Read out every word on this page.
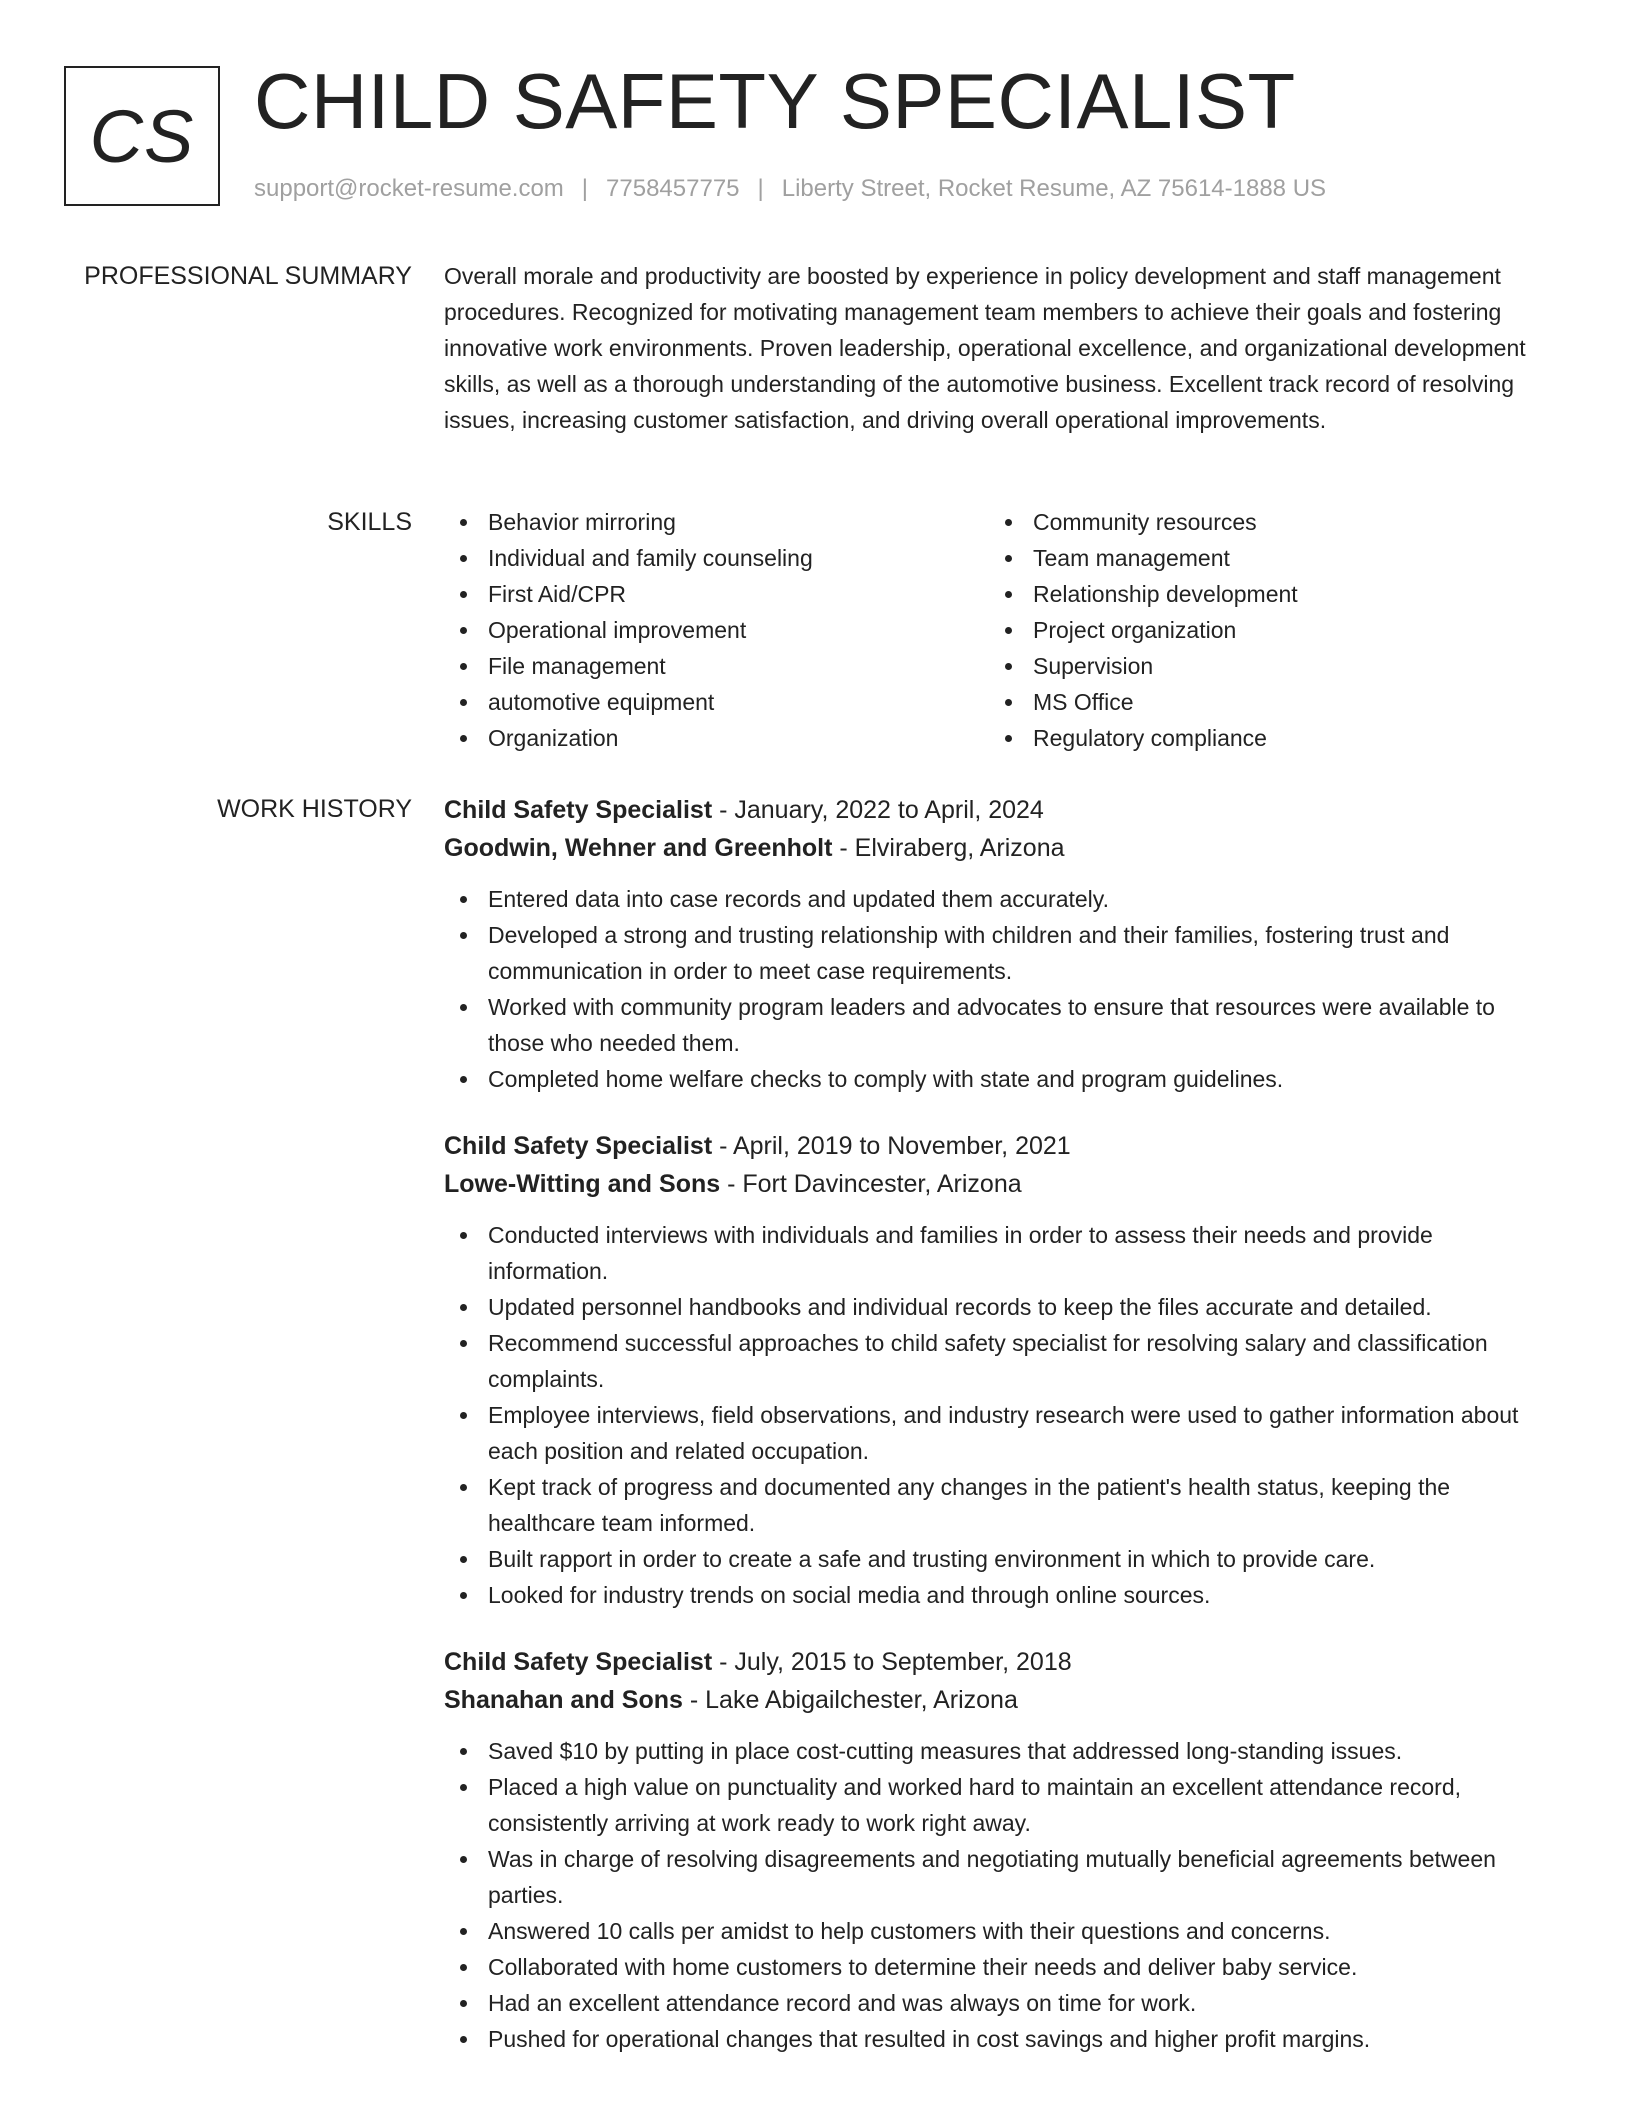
CS CHILD SAFETY SPECIALIST
support@rocket-resume.com | 7758457775 | Liberty Street, Rocket Resume, AZ 75614-1888 US
PROFESSIONAL SUMMARY Overall morale and productivity are boosted by experience in policy development and staff management procedures. Recognized for motivating management team members to achieve their goals and fostering innovative work environments. Proven leadership, operational excellence, and organizational development skills, as well as a thorough understanding of the automotive business. Excellent track record of resolving issues, increasing customer satisfaction, and driving overall operational improvements.

SKILLS	Behavior mirroring
Individual and family counseling
First Aid/CPR
Operational improvement
File management
automotive equipment
Organization
Community resources
Team management
Relationship development
Project organization
Supervision
MS Office
Regulatory compliance
WORK HISTORY Child Safety Specialist - January, 2022 to April, 2024
Goodwin, Wehner and Greenholt - Elviraberg, Arizona
Entered data into case records and updated them accurately.
Developed a strong and trusting relationship with children and their families, fostering trust and communication in order to meet case requirements.
Worked with community program leaders and advocates to ensure that resources were available to those who needed them.
Completed home welfare checks to comply with state and program guidelines.
Child Safety Specialist - April, 2019 to November, 2021
Lowe-Witting and Sons - Fort Davincester, Arizona
Conducted interviews with individuals and families in order to assess their needs and provide information.
Updated personnel handbooks and individual records to keep the files accurate and detailed.
Recommend successful approaches to child safety specialist for resolving salary and classification complaints.
Employee interviews, field observations, and industry research were used to gather information about each position and related occupation.
Kept track of progress and documented any changes in the patient's health status, keeping the healthcare team informed.
Built rapport in order to create a safe and trusting environment in which to provide care.
Looked for industry trends on social media and through online sources.
Child Safety Specialist - July, 2015 to September, 2018
Shanahan and Sons - Lake Abigailchester, Arizona
Saved $10 by putting in place cost-cutting measures that addressed long-standing issues.
Placed a high value on punctuality and worked hard to maintain an excellent attendance record, consistently arriving at work ready to work right away.
Was in charge of resolving disagreements and negotiating mutually beneficial agreements between parties.
Answered 10 calls per amidst to help customers with their questions and concerns.
Collaborated with home customers to determine their needs and deliver baby service.
Had an excellent attendance record and was always on time for work.
Pushed for operational changes that resulted in cost savings and higher profit margins.
